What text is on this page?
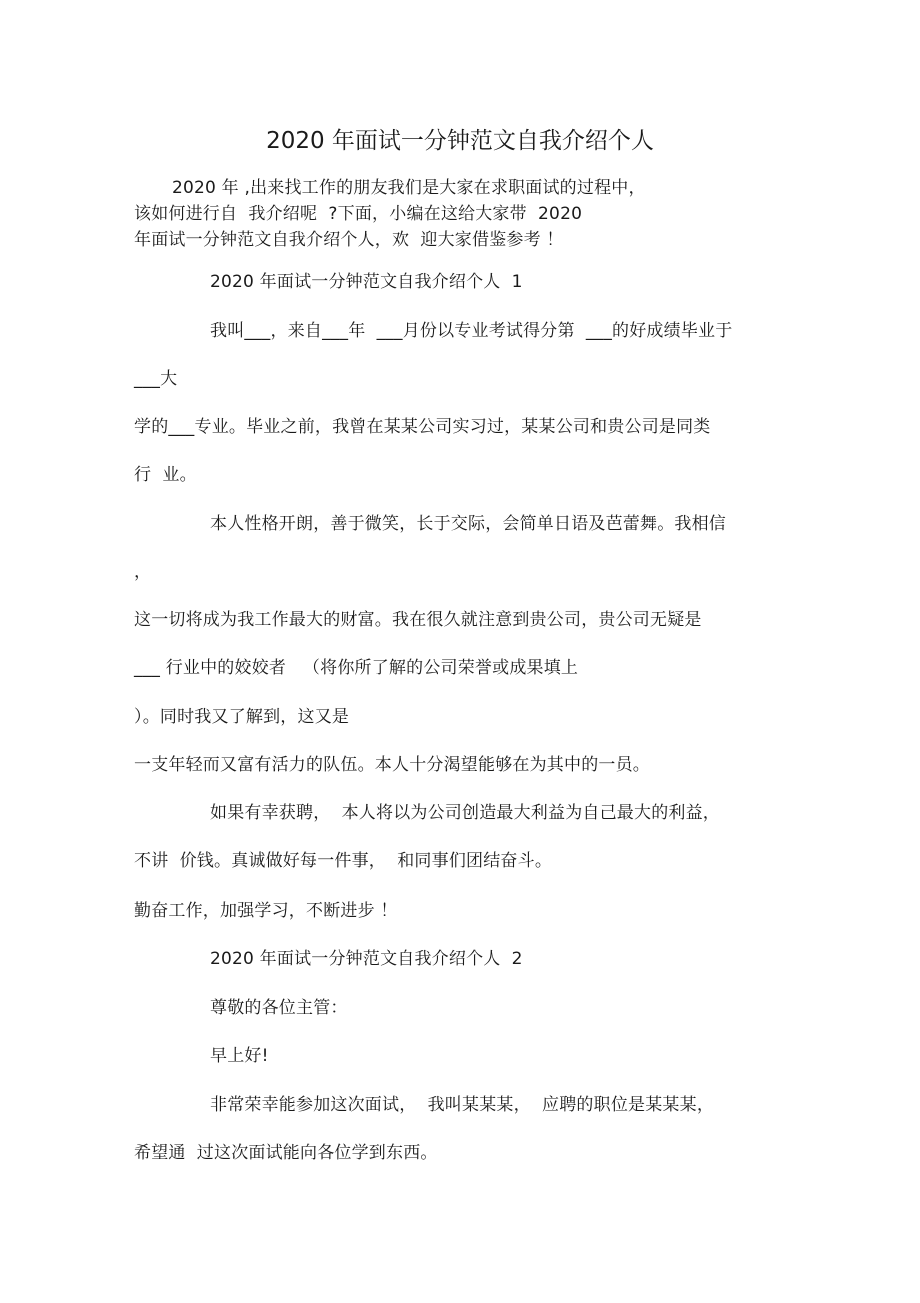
2020 年面试一分钟范文自我介绍个人
2020 年 ,出来找工作的朋友我们是大家在求职面试的过程中，
该如何进行自  我介绍呢  ?下面，小编在这给大家带  2020
年面试一分钟范文自我介绍个人，欢  迎大家借鉴参考 ！
2020 年面试一分钟范文自我介绍个人  1
我叫___，来自___年  ___月份以专业考试得分第  ___的好成绩毕业于
___大
学的___专业。毕业之前，我曾在某某公司实习过，某某公司和贵公司是同类
行  业。
本人性格开朗，善于微笑，长于交际，会简单日语及芭蕾舞。我相信
，
这一切将成为我工作最大的财富。我在很久就注意到贵公司，贵公司无疑是
___ 行业中的姣姣者   （将你所了解的公司荣誉或成果填上
）。同时我又了解到，这又是
一支年轻而又富有活力的队伍。本人十分渴望能够在为其中的一员。
如果有幸获聘，  本人将以为公司创造最大利益为自己最大的利益，
不讲  价钱。真诚做好每一件事，  和同事们团结奋斗。
勤奋工作，加强学习，不断进步 ！
2020 年面试一分钟范文自我介绍个人  2
尊敬的各位主管：
早上好!
非常荣幸能参加这次面试，  我叫某某某，  应聘的职位是某某某，
希望通  过这次面试能向各位学到东西。
